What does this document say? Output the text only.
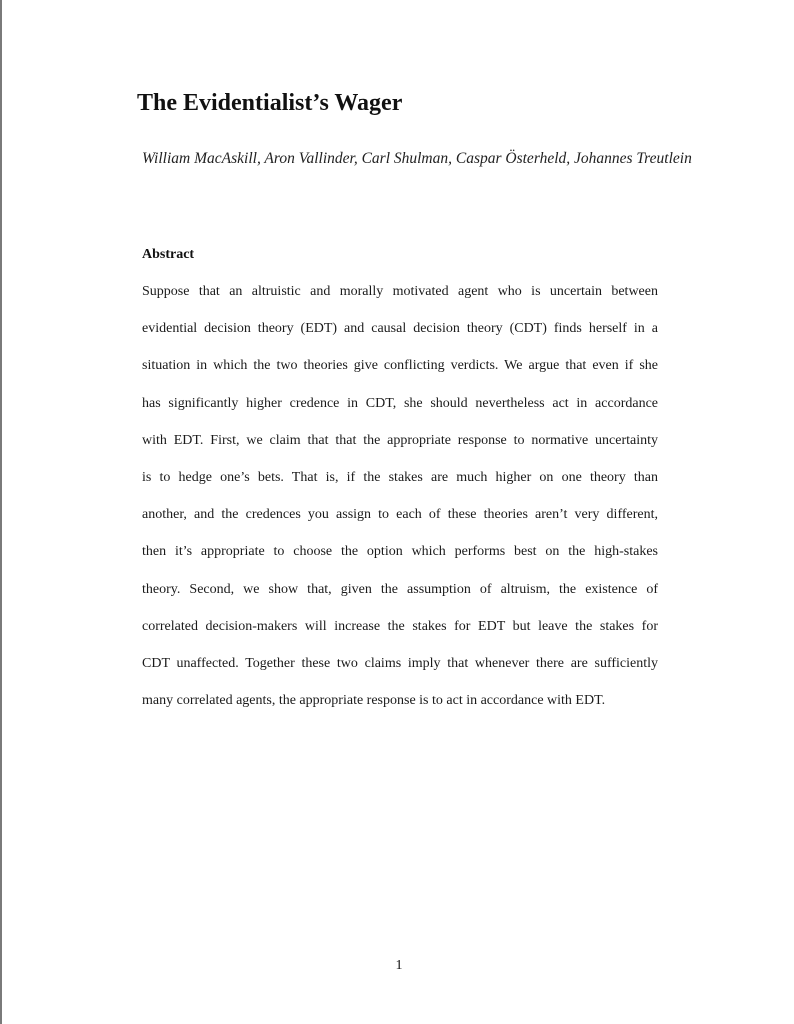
The Evidentialist’s Wager

William MacAskill, Aron Vallinder, Carl Shulman, Caspar Österheld, Johannes Treutlein

Abstract
Suppose that an altruistic and morally motivated agent who is uncertain between
evidential decision theory (EDT) and causal decision theory (CDT) finds herself in a
situation in which the two theories give conflicting verdicts. We argue that even if she
has significantly higher credence in CDT, she should nevertheless act in accordance
with EDT. First, we claim that that the appropriate response to normative uncertainty
is to hedge one’s bets. That is, if the stakes are much higher on one theory than
another, and the credences you assign to each of these theories aren’t very different,
then it’s appropriate to choose the option which performs best on the high-stakes
theory. Second, we show that, given the assumption of altruism, the existence of
correlated decision-makers will increase the stakes for EDT but leave the stakes for
CDT unaffected. Together these two claims imply that whenever there are sufficiently
many correlated agents, the appropriate response is to act in accordance with EDT.

1
